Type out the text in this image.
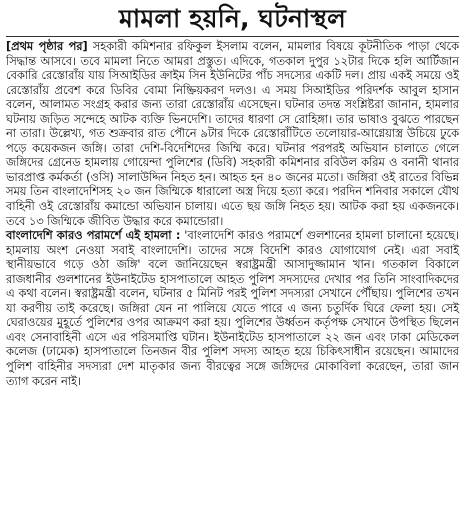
মামলা হয়নি, ঘটনাস্থল

[প্রথম পৃষ্ঠার পর] সহকারী কমিশনার রফিকুল ইসলাম বলেন, মামলার বিষয়ে কূটনীতিক পাড়া থেকে সিদ্ধান্ত আসবে। তবে মামলা নিতে আমরা প্রস্তুত। এদিকে, গতকাল দুপুর ১২টার দিকে হলি আর্টিজান বেকারি রেস্তোরাঁয় যায় সিআইডির ক্রাইম সিন ইউনিটের পাঁচ সদস্যের একটি দল। প্রায় একই সময়ে ওই রেস্তোরাঁয় প্রবেশ করে ডিবির বোমা নিষ্ক্রিয়করণ দলও। এ সময় সিআইডির পরিদর্শক আবুল হাসান বলেন, আলামত সংগ্রহ করার জন্য তারা রেস্তোরাঁয় এসেছেন। ঘটনার তদন্ত সংশ্লিষ্টরা জানান, হামলার ঘটনায় জড়িত সন্দেহে আটক ব্যক্তি ভিনদেশি। তাদের ধারণা সে রোহিঙ্গা। তার ভাষাও বুঝতে পারছেন না তারা। উল্লেখ্য, গত শুক্রবার রাত পৌনে ৯টার দিকে রেস্তোরাঁটিতে তলোয়ার-আগ্নেয়াস্ত্র উচিয়ে ঢুকে পড়ে কয়েকজন জঙ্গি। তারা দেশি-বিদেশিদের জিম্মি করে। ঘটনার পরপরই অভিযান চালাতে গেলে জঙ্গিদের গ্রেনেড হামলায় গোয়েন্দা পুলিশের (ডিবি) সহকারী কমিশনার রবিউল করিম ও বনানী থানার ভারপ্রাপ্ত কর্মকর্তা (ওসি) সালাউদ্দিন নিহত হন। আহত হন ৪০ জনের মতো। জঙ্গিরা ওই রাতের বিভিন্ন সময় তিন বাংলাদেশিসহ ২০ জন জিম্মিকে ধারালো অস্ত্র দিয়ে হত্যা করে। পরদিন শনিবার সকালে যৌথ বাহিনী ওই রেস্তোরাঁয় কমান্ডো অভিযান চালায়। এতে ছয় জঙ্গি নিহত হয়। আটক করা হয় একজনকে। তবে ১৩ জিম্মিকে জীবিত উদ্ধার করে কমান্ডোরা।

বাংলাদেশি কারও পরামর্শে এই হামলা : 'বাংলাদেশি কারও পরামর্শে গুলশানের হামলা চালানো হয়েছে। হামলায় অংশ নেওয়া সবাই বাংলাদেশি। তাদের সঙ্গে বিদেশি কারও যোগাযোগ নেই। এরা সবাই স্থানীয়ভাবে গড়ে ওঠা জঙ্গি' বলে জানিয়েছেন স্বরাষ্ট্রমন্ত্রী আসাদুজ্জামান খান। গতকাল বিকালে রাজধানীর গুলশানের ইউনাইটেড হাসপাতালে আহত পুলিশ সদস্যদের দেখার পর তিনি সাংবাদিকদের এ কথা বলেন। স্বরাষ্ট্রমন্ত্রী বলেন, ঘটনার ৫ মিনিট পরই পুলিশ সদস্যরা সেখানে পৌঁছায়। পুলিশের তখন যা করণীয় তাই করেছে। জঙ্গিরা যেন না পালিয়ে যেতে পারে এ জন্য চতুর্দিক ঘিরে ফেলা হয়। সেই ঘেরাওয়ের মুহূর্তে পুলিশের ওপর আক্রমণ করা হয়। পুলিশের উর্ধ্বতন কর্তৃপক্ষ সেখানে উপস্থিত ছিলেন এবং সেনাবাহিনী এসে এর পরিসমাপ্তি ঘটান। ইউনাইটেড হাসপাতালে ২২ জন এবং ঢাকা মেডিকেল কলেজ (ঢামেক) হাসপাতালে তিনজন বীর পুলিশ সদস্য আহত হয়ে চিকিৎসাধীন রয়েছেন। আমাদের পুলিশ বাহিনীর সদস্যরা দেশ মাতৃকার জন্য বীরত্বের সঙ্গে জঙ্গিদের মোকাবিলা করেছেন, তারা জান ত্যাগ করেন নাই।
